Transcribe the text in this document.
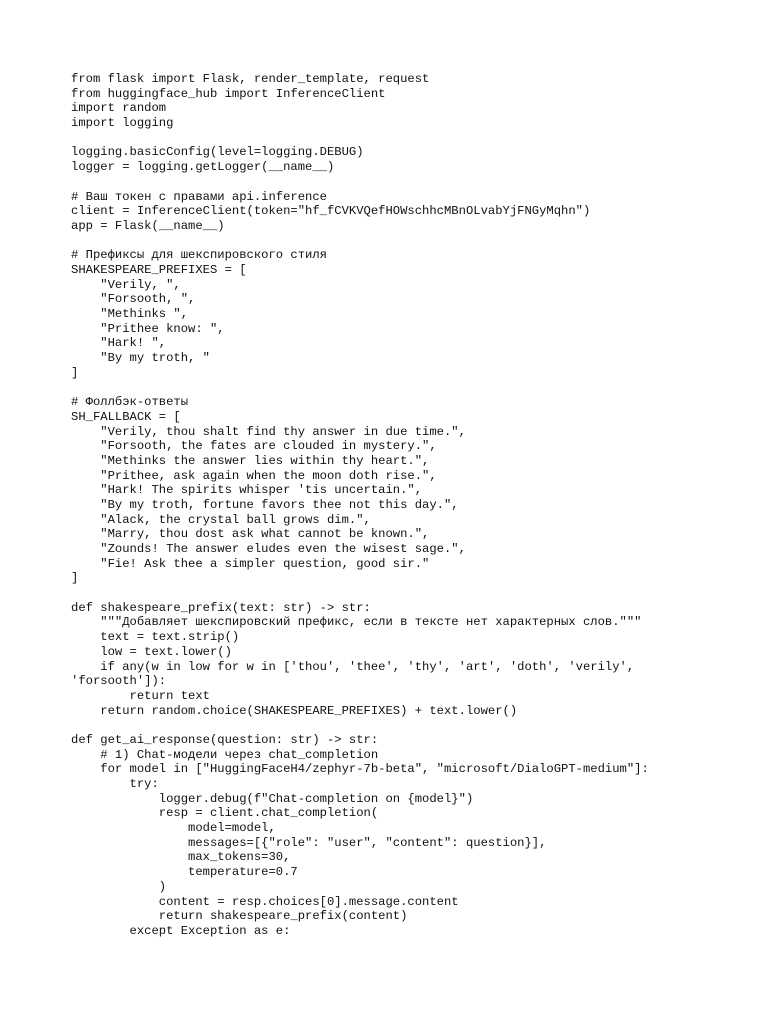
from flask import Flask, render_template, request
from huggingface_hub import InferenceClient
import random
import logging

logging.basicConfig(level=logging.DEBUG)
logger = logging.getLogger(__name__)

# Ваш токен с правами api.inference
client = InferenceClient(token="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")
app = Flask(__name__)

# Префиксы для шекспировского стиля
SHAKESPEARE_PREFIXES = [
"Verily, ",
"Forsooth, ",
"Methinks ",
"Prithee know: ",
"Hark! ",
"By my troth, "
]

# Фоллбэк-ответы
SH_FALLBACK = [
"Verily, thou shalt find thy answer in due time.",
"Forsooth, the fates are clouded in mystery.",
"Methinks the answer lies within thy heart.",
"Prithee, ask again when the moon doth rise.",
"Hark! The spirits whisper 'tis uncertain.",
"By my troth, fortune favors thee not this day.",
"Alack, the crystal ball grows dim.",
"Marry, thou dost ask what cannot be known.",
"Zounds! The answer eludes even the wisest sage.",
"Fie! Ask thee a simpler question, good sir."
]

def shakespeare_prefix(text: str) -> str:
"""Добавляет шекспировский префикс, если в тексте нет характерных слов."""
text = text.strip()
low = text.lower()
if any(w in low for w in ['thou', 'thee', 'thy', 'art', 'doth', 'verily',
'forsooth']):
return text
return random.choice(SHAKESPEARE_PREFIXES) + text.lower()

def get_ai_response(question: str) -> str:
# 1) Chat-модели через chat_completion
for model in ["HuggingFaceH4/zephyr-7b-beta", "microsoft/DialoGPT-medium"]:
try:
logger.debug(f"Chat-completion on {model}")
resp = client.chat_completion(
model=model,
messages=[{"role": "user", "content": question}],
max_tokens=30,
temperature=0.7
)
content = resp.choices[0].message.content
return shakespeare_prefix(content)
except Exception as e:
